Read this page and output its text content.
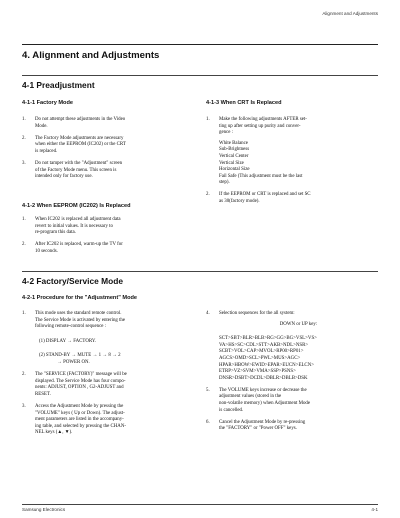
Alignment and Adjustments
4. Alignment and Adjustments
4-1 Preadjustment
4-1-1 Factory Mode
1.	Do not attempt these adjustments in the Video
Mode.
2.	The Factory Mode adjustments are necessary
when either the EEPROM (IC202) or the CRT
is replaced.
3.	Do not tamper with the "Adjustment" screen
of the Factory Mode menu. This screen is
intended only for factory use.
4-1-2 When EEPROM (IC202) Is Replaced
1.	When IC202 is replaced all adjustment data
revert to initial values. It is necessary to
re-program this data.
2.	After IC202 is replaced, warm-up the TV for
10 seconds.
4-1-3 When CRT Is Replaced
1.	Make the following adjustments AFTER set-
ting up after setting up purity and conver-
gence :
White Balance
Sub-Brightness
Vertical Center
Vertical Size
Horizontal Size
Fail Safe (This adjustment must be the last
step).
2.	If the EEPROM or CRT is replaced and set SC
as 30(factory mode).
4-2 Factory/Service Mode
4-2-1 Procedure for the "Adjustment" Mode
1.	This mode uses the standard remote control.
The Service Mode is activated by entering the
following remote-control sequence :
(1) DISPLAY → FACTORY.
(2) STAND-BY → MUTE → 1 → 8 → 2
→ POWER ON.
2.	The "SERVICE (FACTORY)" message will be
displayed. The Service Mode has four compo-
nents: ADJUST, OPTION , G2-ADJUST and
RESET.
3.	Access the Adjustment Mode by pressing the
"VOLUME" keys ( Up or Down). The adjust-
ment parameters are listed in the accompany-
ing table, and selected by pressing the CHAN-
NEL keys (▲, ▼).
4.	Selection sequences for the all system:
DOWN or UP key:
SCT>SBT>BLR>BLB>RG>GG>BG>VSL>VS>
VA>HS>SC>CDL>STT>AKB>NDL>NSR>
SCBT>VOL>CAP>MVOL>RP00>RP01>
AGCS>OMD>SCL>PWL>MUS>AGC>
HPAR>HBOW>EWID>EPAR>EUCN>ELCN>
ETRP>VZ>SVM>VMA>SSP>PSNS>
DNSR>DSBT>DCDL>DBLR>DBLB>DSK
5.	The VOLUME keys increase or decrease the
adjustment values (stored in the
non-volatile memory) when Adjustment Mode
is cancelled.
6.	Cancel the Adjustment Mode by re-pressing
the "FACTORY" or "Power OFF" keys.
Samsung Electronics	4-1
